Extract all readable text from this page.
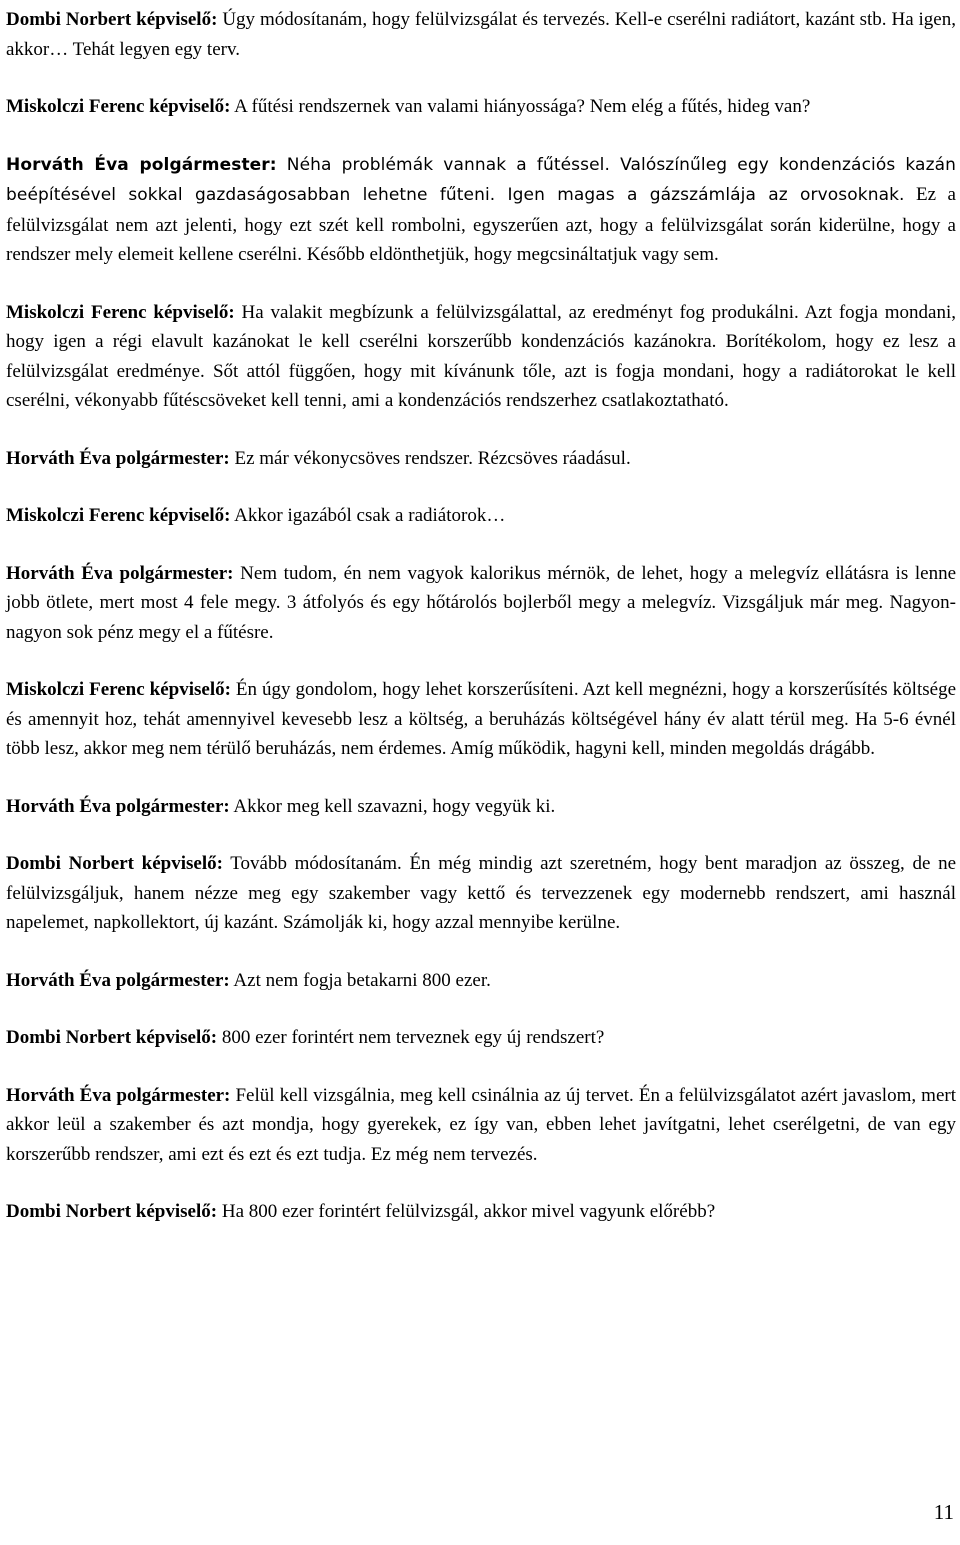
Dombi Norbert képviselő: Úgy módosítanám, hogy felülvizsgálat és tervezés. Kell-e cserélni radiátort, kazánt stb. Ha igen, akkor… Tehát legyen egy terv.

Miskolczi Ferenc képviselő: A fűtési rendszernek van valami hiányossága? Nem elég a fűtés, hideg van?

Horváth Éva polgármester: Néha problémák vannak a fűtéssel. Valószínűleg egy kondenzációs kazán beépítésével sokkal gazdaságosabban lehetne fűteni. Igen magas a gázszámlája az orvosoknak. Ez a felülvizsgálat nem azt jelenti, hogy ezt szét kell rombolni, egyszerűen azt, hogy a felülvizsgálat során kiderülne, hogy a rendszer mely elemeit kellene cserélni. Később eldönthetjük, hogy megcsináltatjuk vagy sem.

Miskolczi Ferenc képviselő: Ha valakit megbízunk a felülvizsgálattal, az eredményt fog produkálni. Azt fogja mondani, hogy igen a régi elavult kazánokat le kell cserélni korszerűbb kondenzációs kazánokra. Borítékolom, hogy ez lesz a felülvizsgálat eredménye. Sőt attól függően, hogy mit kívánunk tőle, azt is fogja mondani, hogy a radiátorokat le kell cserélni, vékonyabb fűtéscsöveket kell tenni, ami a kondenzációs rendszerhez csatlakoztatható.

Horváth Éva polgármester: Ez már vékonycsöves rendszer. Rézcsöves ráadásul.

Miskolczi Ferenc képviselő: Akkor igazából csak a radiátorok…

Horváth Éva polgármester: Nem tudom, én nem vagyok kalorikus mérnök, de lehet, hogy a melegvíz ellátásra is lenne jobb ötlete, mert most 4 fele megy. 3 átfolyós és egy hőtárolós bojlerből megy a melegvíz. Vizsgáljuk már meg. Nagyon-nagyon sok pénz megy el a fűtésre.

Miskolczi Ferenc képviselő: Én úgy gondolom, hogy lehet korszerűsíteni. Azt kell megnézni, hogy a korszerűsítés költsége és amennyit hoz, tehát amennyivel kevesebb lesz a költség, a beruházás költségével hány év alatt térül meg. Ha 5-6 évnél több lesz, akkor meg nem térülő beruházás, nem érdemes. Amíg működik, hagyni kell, minden megoldás drágább.

Horváth Éva polgármester: Akkor meg kell szavazni, hogy vegyük ki.

Dombi Norbert képviselő: Tovább módosítanám. Én még mindig azt szeretném, hogy bent maradjon az összeg, de ne felülvizsgáljuk, hanem nézze meg egy szakember vagy kettő és tervezzenek egy modernebb rendszert, ami használ napelemet, napkollektort, új kazánt. Számolják ki, hogy azzal mennyibe kerülne.

Horváth Éva polgármester: Azt nem fogja betakarni 800 ezer.

Dombi Norbert képviselő: 800 ezer forintért nem terveznek egy új rendszert?

Horváth Éva polgármester: Felül kell vizsgálnia, meg kell csinálnia az új tervet. Én a felülvizsgálatot azért javaslom, mert akkor leül a szakember és azt mondja, hogy gyerekek, ez így van, ebben lehet javítgatni, lehet cserélgetni, de van egy korszerűbb rendszer, ami ezt és ezt és ezt tudja. Ez még nem tervezés.

Dombi Norbert képviselő: Ha 800 ezer forintért felülvizsgál, akkor mivel vagyunk előrébb?

11
